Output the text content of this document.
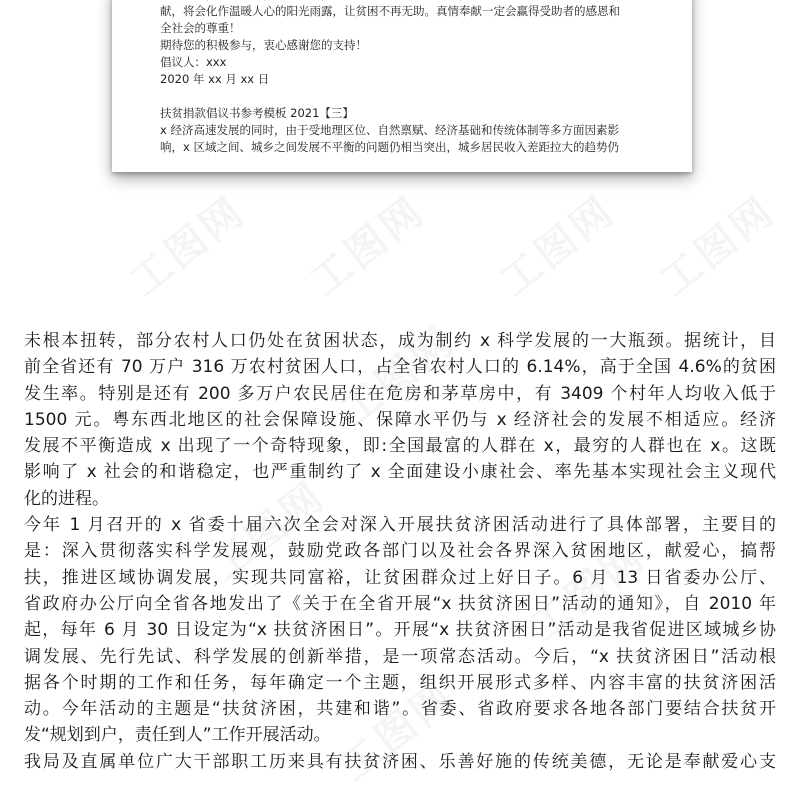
献，将会化作温暖人心的阳光雨露，让贫困不再无助。真情奉献一定会赢得受助者的感恩和
全社会的尊重！
期待您的积极参与，衷心感谢您的支持！
倡议人：xxx
2020 年 xx 月 xx 日
扶贫捐款倡议书参考模板 2021【三】
x 经济高速发展的同时，由于受地理区位、自然禀赋、经济基础和传统体制等多方面因素影
响，x 区域之间、城乡之间发展不平衡的问题仍相当突出，城乡居民收入差距拉大的趋势仍
工图网 工图网 工图网 工图网
工图网
工图网
工图网
工图网
未根本扭转，部分农村人口仍处在贫困状态，成为制约 x 科学发展的一大瓶颈。据统计，目
前全省还有 70 万户 316 万农村贫困人口，占全省农村人口的 6.14%，高于全国 4.6%的贫困
发生率。特别是还有 200 多万户农民居住在危房和茅草房中，有 3409 个村年人均收入低于
1500 元。粤东西北地区的社会保障设施、保障水平仍与 x 经济社会的发展不相适应。经济
发展不平衡造成 x 出现了一个奇特现象，即:全国最富的人群在 x，最穷的人群也在 x。这既
影响了 x 社会的和谐稳定，也严重制约了 x 全面建设小康社会、率先基本实现社会主义现代
化的进程。
今年 1 月召开的 x 省委十届六次全会对深入开展扶贫济困活动进行了具体部署，主要目的
是：深入贯彻落实科学发展观，鼓励党政各部门以及社会各界深入贫困地区，献爱心，搞帮
扶，推进区域协调发展，实现共同富裕，让贫困群众过上好日子。6 月 13 日省委办公厅、
省政府办公厅向全省各地发出了《关于在全省开展“x 扶贫济困日”活动的通知》，自 2010 年
起，每年 6 月 30 日设定为“x 扶贫济困日”。开展“x 扶贫济困日”活动是我省促进区域城乡协
调发展、先行先试、科学发展的创新举措，是一项常态活动。今后，“x 扶贫济困日”活动根
据各个时期的工作和任务，每年确定一个主题，组织开展形式多样、内容丰富的扶贫济困活
动。今年活动的主题是“扶贫济困，共建和谐”。省委、省政府要求各地各部门要结合扶贫开
发“规划到户，责任到人”工作开展活动。
我局及直属单位广大干部职工历来具有扶贫济困、乐善好施的传统美德，无论是奉献爱心支
